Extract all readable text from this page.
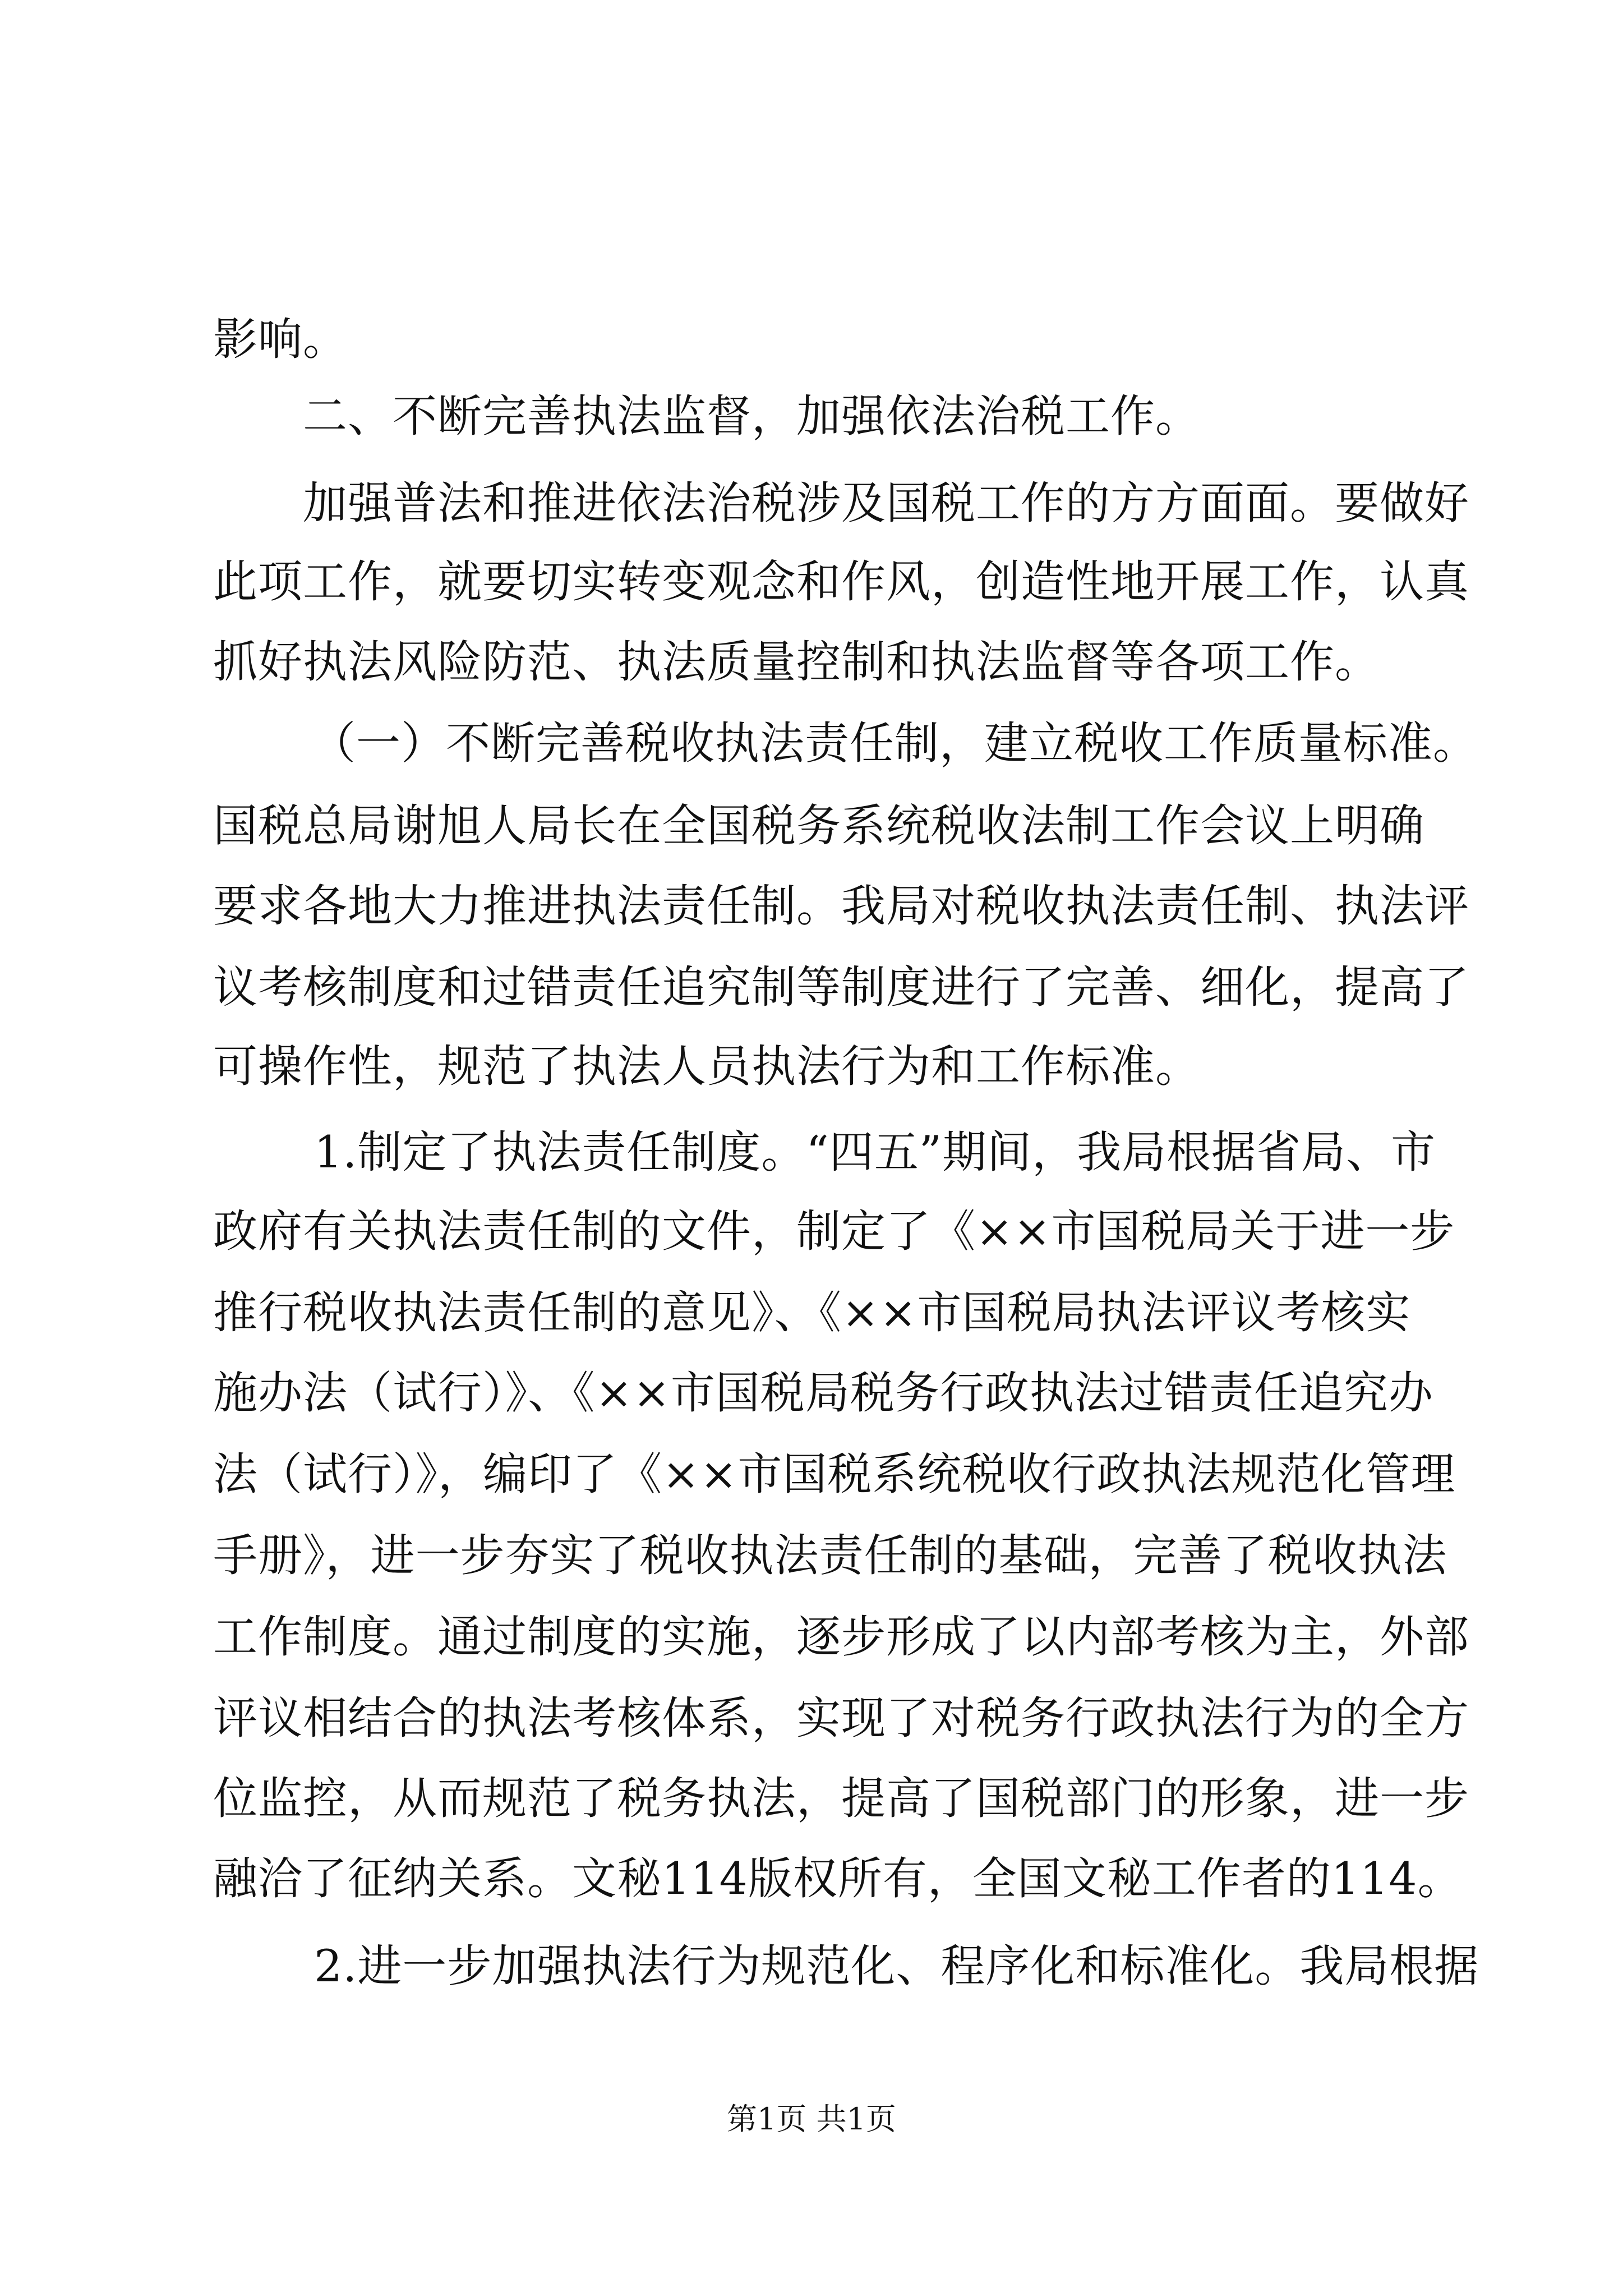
影响。
二、不断完善执法监督，加强依法治税工作。
加强普法和推进依法治税涉及国税工作的方方面面。要做好
此项工作，就要切实转变观念和作风，创造性地开展工作，认真
抓好执法风险防范、执法质量控制和执法监督等各项工作。
（一）不断完善税收执法责任制，建立税收工作质量标准。
国税总局谢旭人局长在全国税务系统税收法制工作会议上明确
要求各地大力推进执法责任制。我局对税收执法责任制、执法评
议考核制度和过错责任追究制等制度进行了完善、细化，提高了
可操作性，规范了执法人员执法行为和工作标准。
1.制定了执法责任制度。“四五”期间，我局根据省局、市
政府有关执法责任制的文件，制定了《××市国税局关于进一步
推行税收执法责任制的意见》、《××市国税局执法评议考核实
施办法（试行）》、《××市国税局税务行政执法过错责任追究办
法（试行）》，编印了《××市国税系统税收行政执法规范化管理
手册》，进一步夯实了税收执法责任制的基础，完善了税收执法
工作制度。通过制度的实施，逐步形成了以内部考核为主，外部
评议相结合的执法考核体系，实现了对税务行政执法行为的全方
位监控，从而规范了税务执法，提高了国税部门的形象，进一步
融洽了征纳关系。文秘114版权所有，全国文秘工作者的114。
2.进一步加强执法行为规范化、程序化和标准化。我局根据
第1页 共1页
